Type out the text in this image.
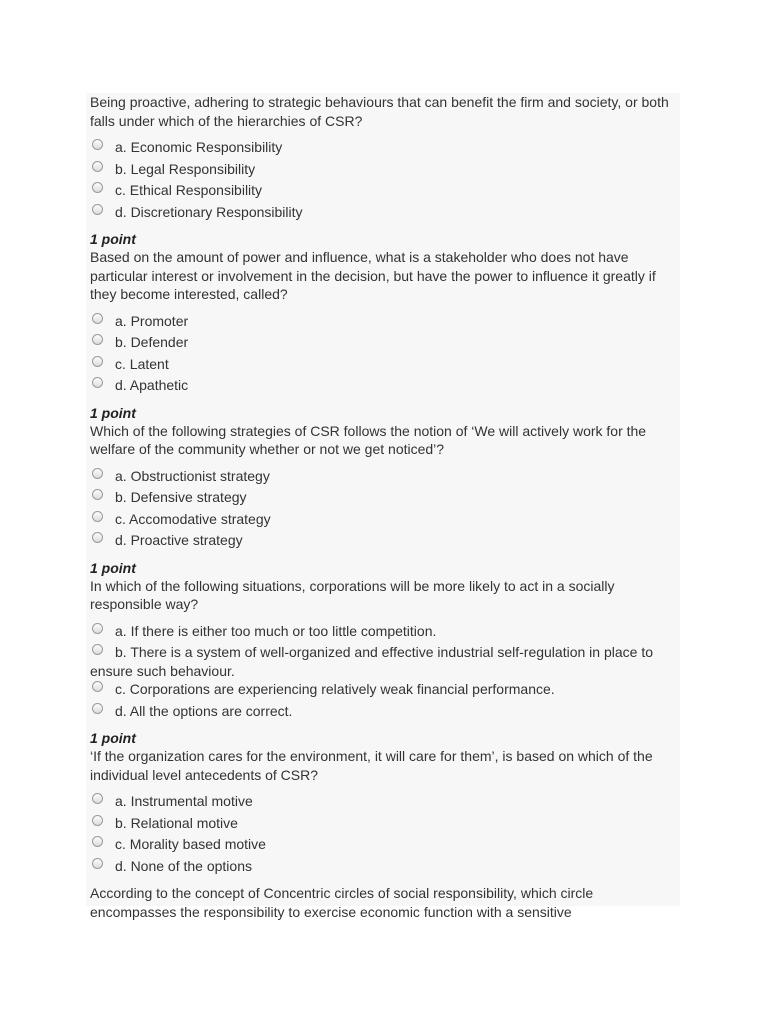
Being proactive, adhering to strategic behaviours that can benefit the firm and society, or both falls under which of the hierarchies of CSR?
a. Economic Responsibility
b. Legal Responsibility
c. Ethical Responsibility
d. Discretionary Responsibility
1 point
Based on the amount of power and influence, what is a stakeholder who does not have particular interest or involvement in the decision, but have the power to influence it greatly if they become interested, called?
a. Promoter
b. Defender
c. Latent
d. Apathetic
1 point
Which of the following strategies of CSR follows the notion of ‘We will actively work for the welfare of the community whether or not we get noticed’?
a. Obstructionist strategy
b. Defensive strategy
c. Accomodative strategy
d. Proactive strategy
1 point
In which of the following situations, corporations will be more likely to act in a socially responsible way?
a. If there is either too much or too little competition.
b. There is a system of well-organized and effective industrial self-regulation in place to ensure such behaviour.
c. Corporations are experiencing relatively weak financial performance.
d. All the options are correct.
1 point
‘If the organization cares for the environment, it will care for them’, is based on which of the individual level antecedents of CSR?
a. Instrumental motive
b. Relational motive
c. Morality based motive
d. None of the options
According to the concept of Concentric circles of social responsibility, which circle encompasses the responsibility to exercise economic function with a sensitive
